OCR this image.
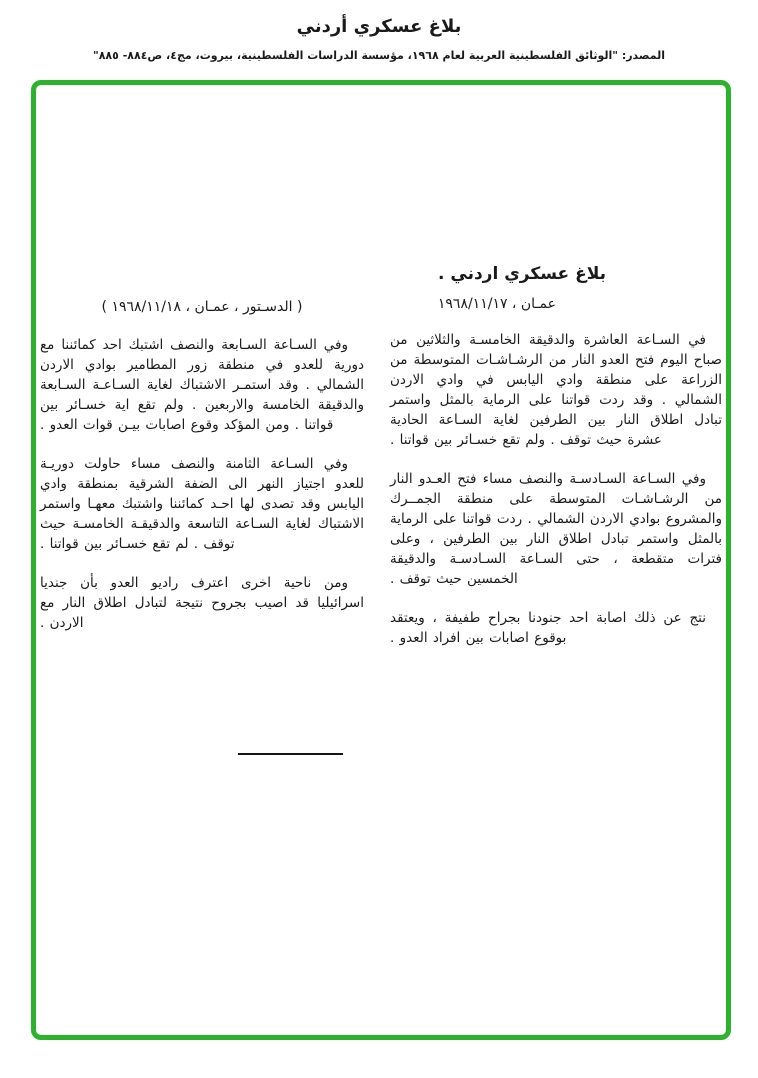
بلاغ عسكري أردني
المصدر: "الوثائق الفلسطينية العربية لعام ١٩٦٨، مؤسسة الدراسات الفلسطينية، بيروت، مج٤، ص٨٨٤- ٨٨٥"
بلاغ عسكري اردني .
عمـان ، ١٩٦٨/١١/١٧

في السـاعة العاشرة والدقيقة الخامسـة والثلاثين من صباح اليوم فتح العدو النار من الرشـاشـات المتوسطة من الزراعة على منطقة وادي اليابس في وادي الاردن الشمالي . وقد ردت قواتنا على الرماية بالمثل واستمر تبادل اطلاق النار بين الطرفين لغاية السـاعة الحادية عشرة حيث توقف . ولم تقع خسـائر بين قواتنا .

وفي السـاعة السـادسـة والنصف مساء فتح العـدو النار من الرشـاشـات المتوسطة على منطقة الجمــرك والمشروع بوادي الاردن الشمالي . ردت قواتنا على الرماية بالمثل واستمر تبادل اطلاق النار بين الطرفين ، وعلى فترات متقطعة ، حتى السـاعة السـادسـة والدقيقة الخمسين حيث توقف .

نتج عن ذلك اصابة احد جنودنا بجراح طفيفة ، ويعتقد بوقوع اصابات بين افراد العدو .

( الدسـتور ، عمـان ، ١٩٦٨/١١/١٨ )

وفي السـاعة السـابعة والنصف اشتبك احد كمائننا مع دورية للعدو في منطقة زور المطامير بوادي الاردن الشمالي . وقد استمـر الاشتباك لغاية السـاعـة السـابعة والدقيقة الخامسة والاربعين . ولم تقع اية خسـائر بين قواتنا . ومن المؤكد وقوع اصابات بيـن قوات العدو .

وفي السـاعة الثامنة والنصف مساء حاولت دوريـة للعدو اجتياز النهر الى الضفة الشرقية بمنطقة وادي اليابس وقد تصدى لها احـد كمائننا واشتبك معهـا واستمر الاشتباك لغاية السـاعة التاسعة والدقيقـة الخامسـة حيث توقف . لم تقع خسـائر بين قواتنا .

ومن ناحية اخرى اعترف راديو العدو بأن جنديا اسرائيليا قد اصيب بجروح نتيجة لتبادل اطلاق النار مع الاردن .
